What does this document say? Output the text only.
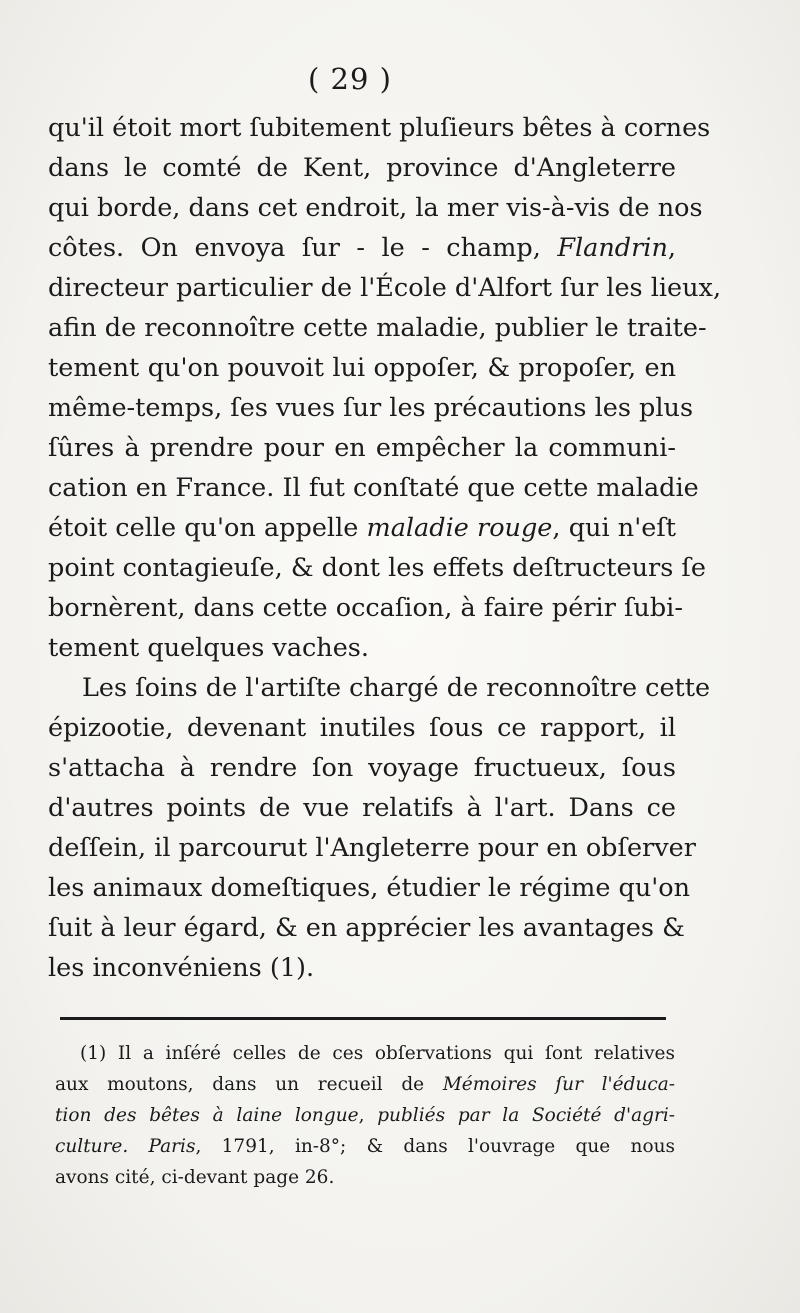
( 29 )
qu'il étoit mort ſubitement pluſieurs bêtes à cornes
dans le comté de Kent, province d'Angleterre
qui borde, dans cet endroit, la mer vis-à-vis de nos
côtes. On envoya ſur - le - champ, Flandrin,
directeur particulier de l'École d'Alfort ſur les lieux,
afin de reconnoître cette maladie, publier le traite-
tement qu'on pouvoit lui oppoſer, & propoſer, en
même-temps, ſes vues ſur les précautions les plus
ſûres à prendre pour en empêcher la communi-
cation en France. Il fut conſtaté que cette maladie
étoit celle qu'on appelle maladie rouge, qui n'eſt
point contagieuſe, & dont les effets deſtructeurs ſe
bornèrent, dans cette occaſion, à faire périr ſubi-
tement quelques vaches.
Les ſoins de l'artiſte chargé de reconnoître cette
épizootie, devenant inutiles ſous ce rapport, il
s'attacha à rendre ſon voyage fructueux, ſous
d'autres points de vue relatifs à l'art. Dans ce
deſſein, il parcourut l'Angleterre pour en obſerver
les animaux domeſtiques, étudier le régime qu'on
ſuit à leur égard, & en apprécier les avantages &
les inconvéniens (1).
(1) Il a inſéré celles de ces obſervations qui ſont relatives
aux moutons, dans un recueil de Mémoires ſur l'éduca-
tion des bêtes à laine longue, publiés par la Société d'agri-
culture. Paris, 1791, in-8°; & dans l'ouvrage que nous
avons cité, ci-devant page 26.
